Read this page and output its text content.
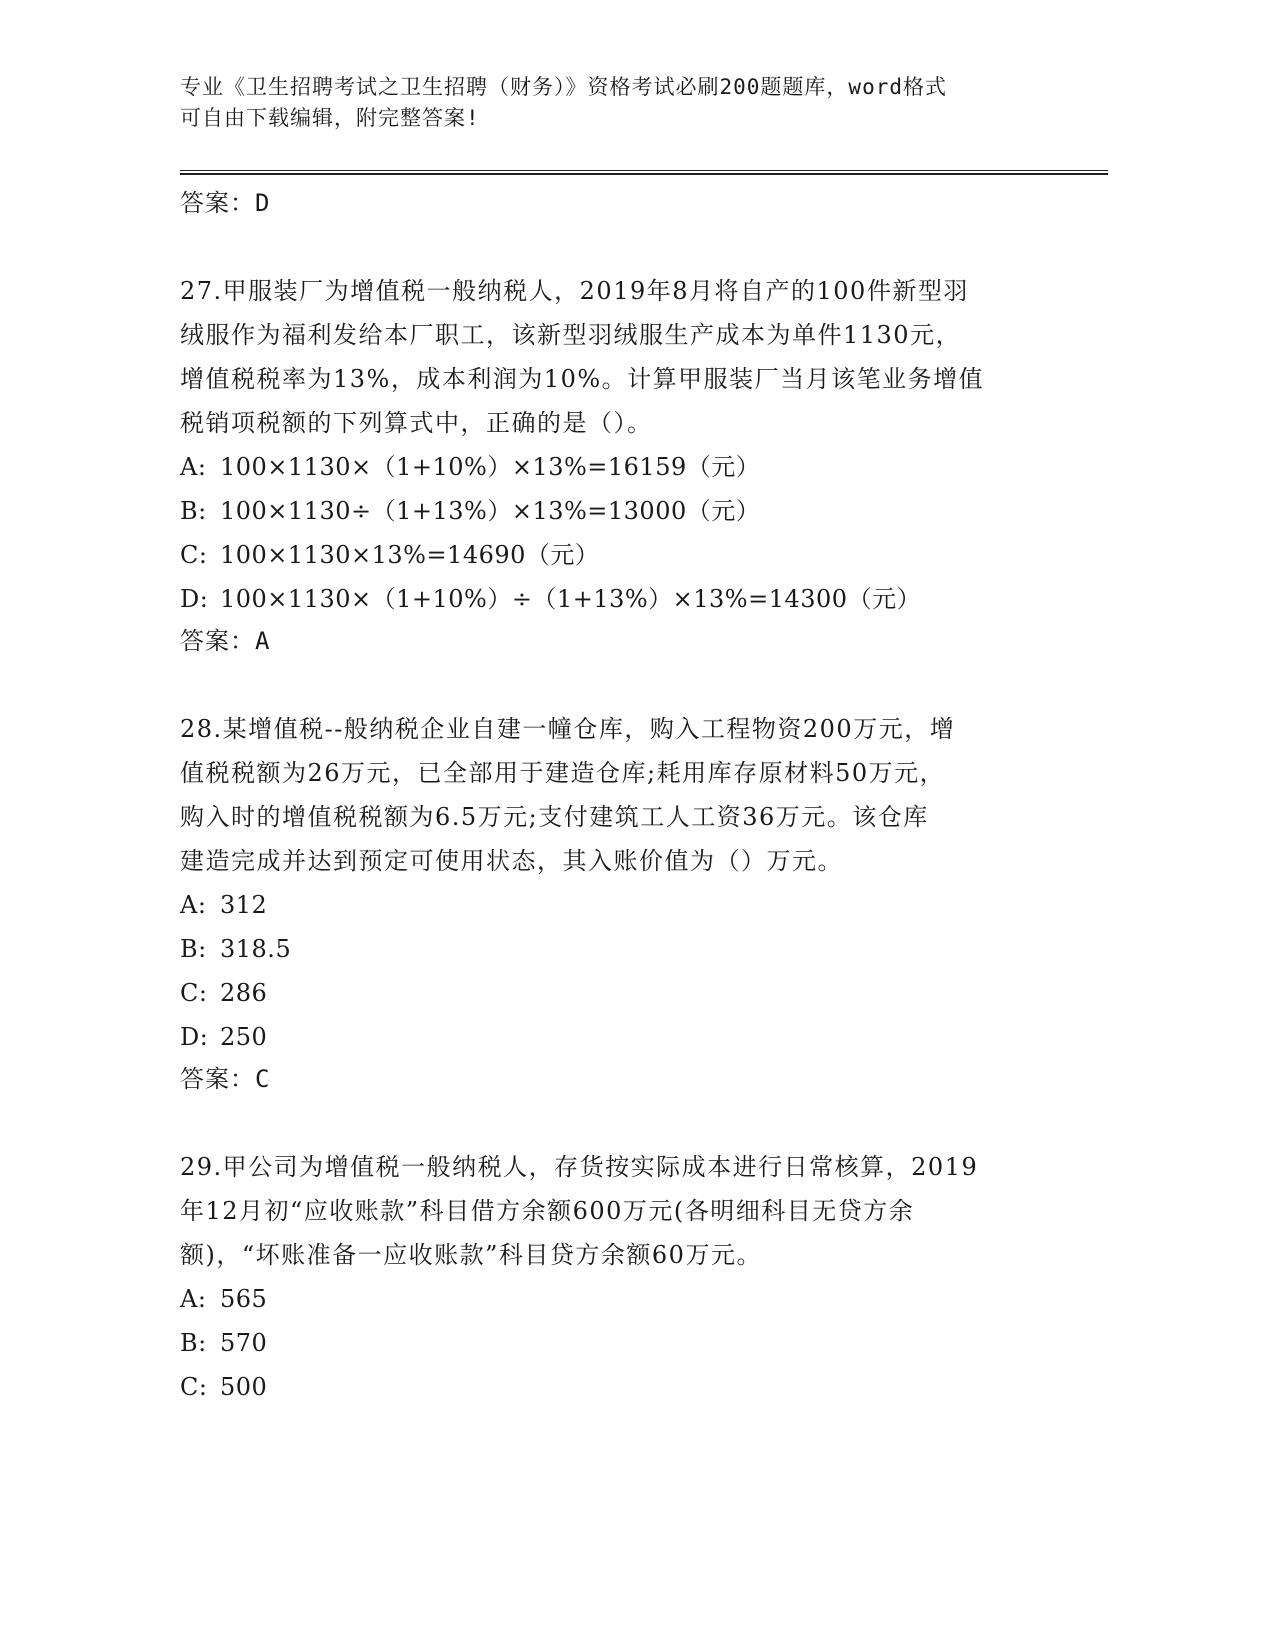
专业《卫生招聘考试之卫生招聘（财务）》资格考试必刷200题题库，word格式
可自由下载编辑，附完整答案!
答案：D
27.甲服装厂为增值税一般纳税人，2019年8月将自产的100件新型羽
绒服作为福利发给本厂职工，该新型羽绒服生产成本为单件1130元，
增值税税率为13%，成本利润为10%。计算甲服装厂当月该笔业务增值
税销项税额的下列算式中，正确的是（）。
A: 100×1130×（1+10%）×13%=16159（元）
B: 100×1130÷（1+13%）×13%=13000（元）
C: 100×1130×13%=14690（元）
D: 100×1130×（1+10%）÷（1+13%）×13%=14300（元）
答案：A
28.某增值税--般纳税企业自建一幢仓库，购入工程物资200万元，增
值税税额为26万元，已全部用于建造仓库;耗用库存原材料50万元，
购入时的增值税税额为6.5万元;支付建筑工人工资36万元。该仓库
建造完成并达到预定可使用状态，其入账价值为（）万元。
A: 312
B: 318.5
C: 286
D: 250
答案：C
29.甲公司为增值税一般纳税人，存货按实际成本进行日常核算，2019
年12月初“应收账款”科目借方余额600万元(各明细科目无贷方余
额)，“坏账准备一应收账款”科目贷方余额60万元。
A: 565
B: 570
C: 500
